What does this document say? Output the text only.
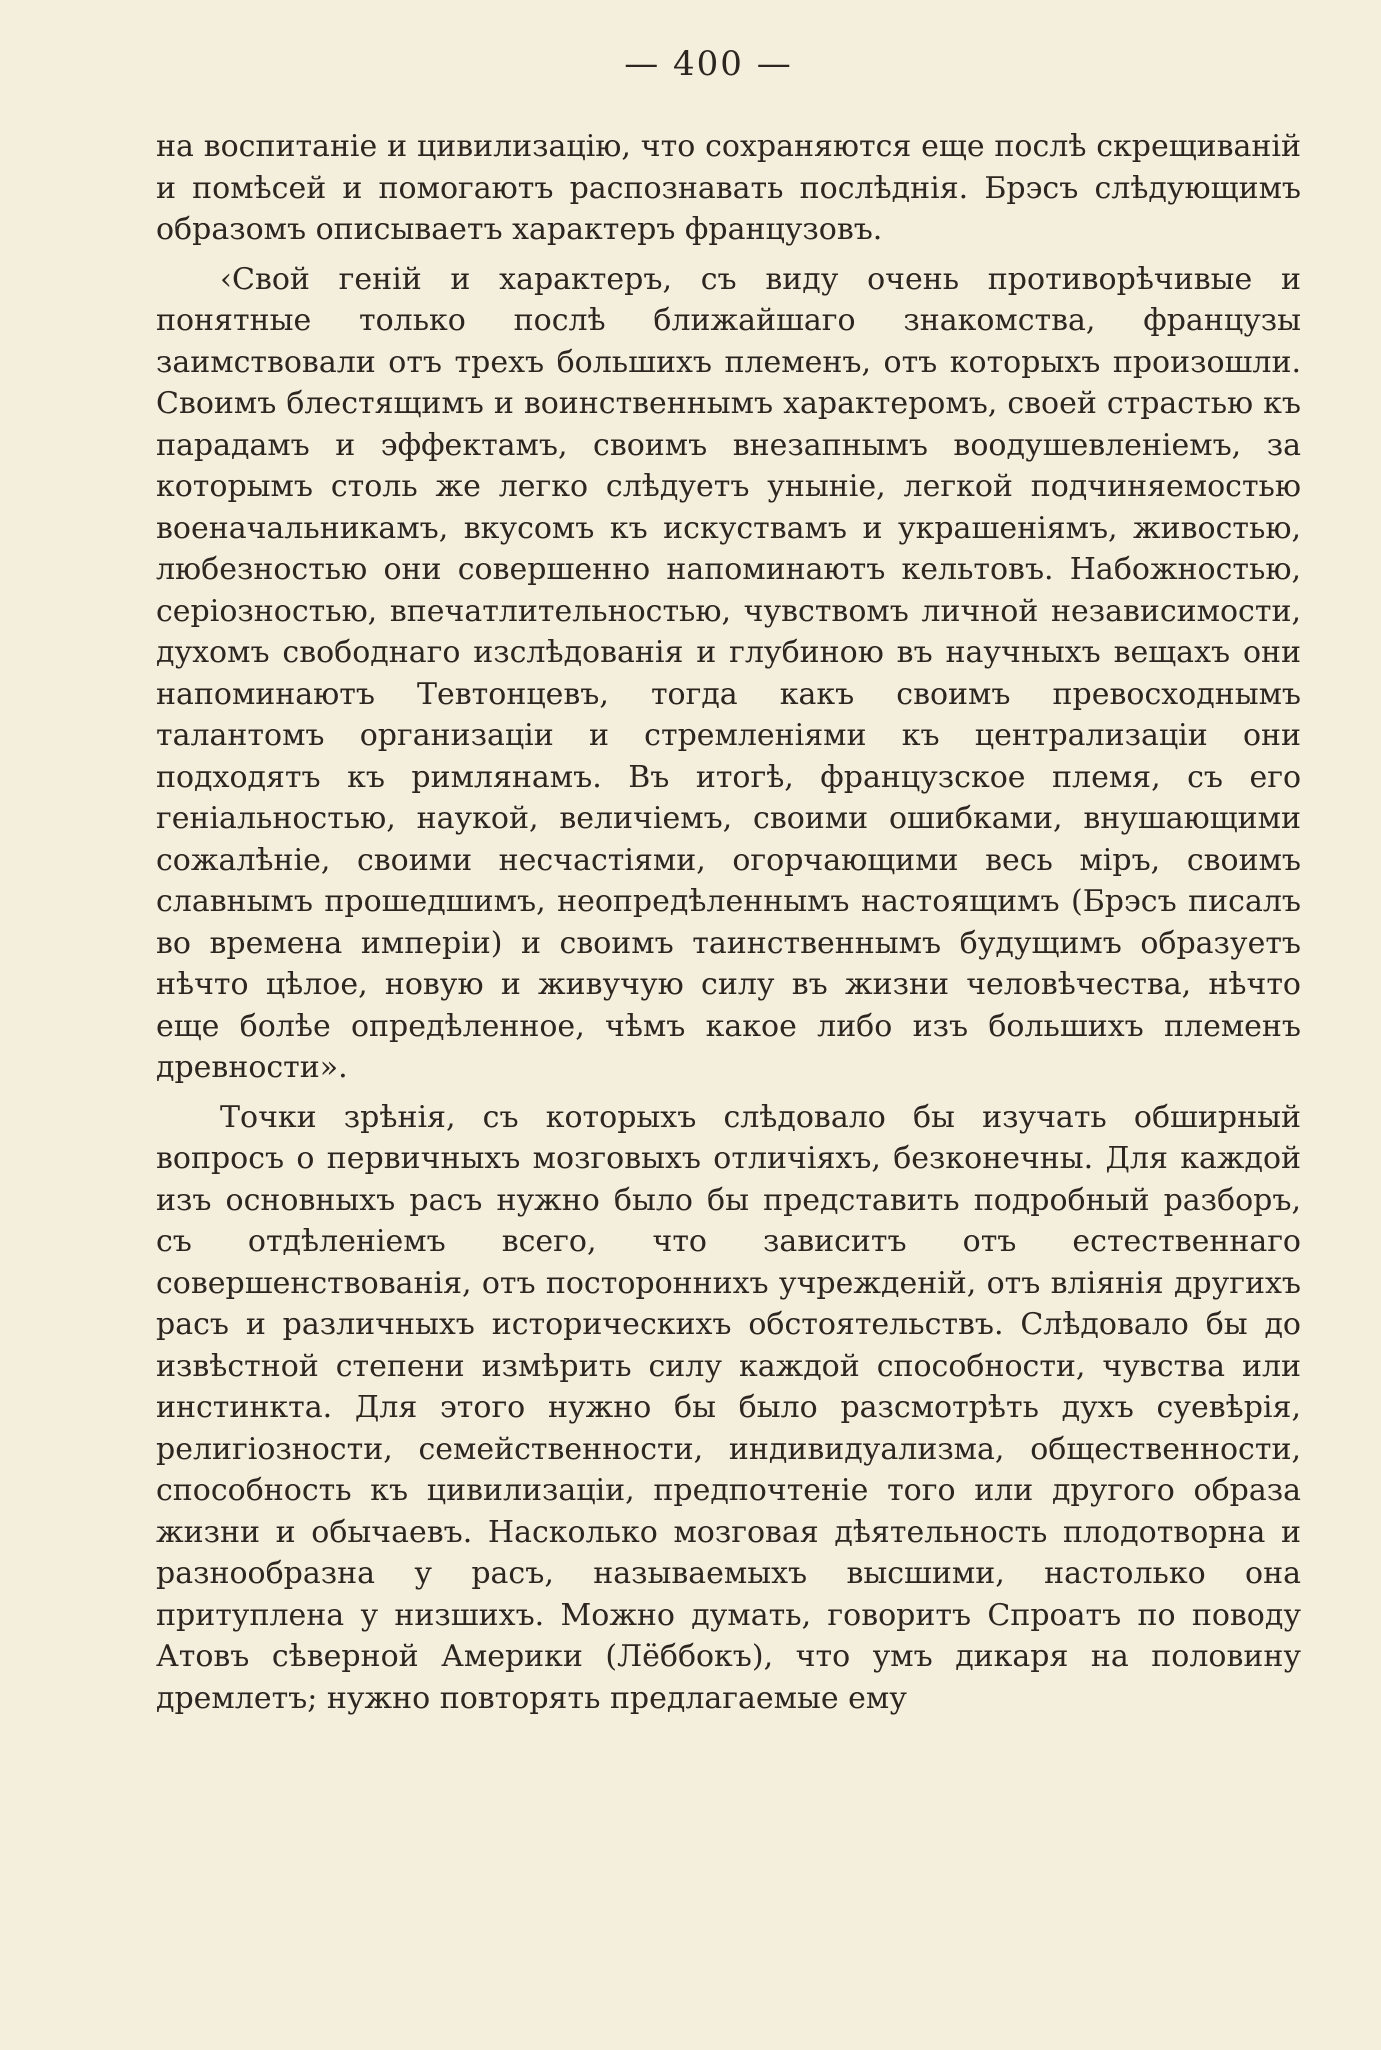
— 400 —

на воспитаніе и цивилизацію, что сохраняются еще послѣ скрещиваній и помѣсей и помогаютъ распознавать послѣднія. Брэсъ слѣдующимъ образомъ описываетъ характеръ французовъ.

‹Свой геній и характеръ, съ виду очень противорѣчивые и понятные только послѣ ближайшаго знакомства, французы заимствовали отъ трехъ большихъ племенъ, отъ которыхъ произошли. Своимъ блестящимъ и воинственнымъ характеромъ, своей страстью къ парадамъ и эффектамъ, своимъ внезапнымъ воодушевленіемъ, за которымъ столь же легко слѣдуетъ уныніе, легкой подчиняемостью военачальникамъ, вкусомъ къ искуствамъ и украшеніямъ, живостью, любезностью они совершенно напоминаютъ кельтовъ. Набожностью, серіозностью, впечатлительностью, чувствомъ личной независимости, духомъ свободнаго изслѣдованія и глубиною въ научныхъ вещахъ они напоминаютъ Тевтонцевъ, тогда какъ своимъ превосходнымъ талантомъ организаціи и стремленіями къ централизаціи они подходятъ къ римлянамъ. Въ итогѣ, французское племя, съ его геніальностью, наукой, величіемъ, своими ошибками, внушающими сожалѣніе, своими несчастіями, огорчающими весь міръ, своимъ славнымъ прошедшимъ, неопредѣленнымъ настоящимъ (Брэсъ писалъ во времена имперіи) и своимъ таинственнымъ будущимъ образуетъ нѣчто цѣлое, новую и живучую силу въ жизни человѣчества, нѣчто еще болѣе опредѣленное, чѣмъ какое либо изъ большихъ племенъ древности».

Точки зрѣнія, съ которыхъ слѣдовало бы изучать обширный вопросъ о первичныхъ мозговыхъ отличіяхъ, безконечны. Для каждой изъ основныхъ расъ нужно было бы представить подробный разборъ, съ отдѣленіемъ всего, что зависитъ отъ естественнаго совершенствованія, отъ постороннихъ учрежденій, отъ вліянія другихъ расъ и различныхъ историческихъ обстоятельствъ. Слѣдовало бы до извѣстной степени измѣрить силу каждой способности, чувства или инстинкта. Для этого нужно бы было разсмотрѣть духъ суевѣрія, религіозности, семейственности, индивидуализма, общественности, способность къ цивилизаціи, предпочтеніе того или другого образа жизни и обычаевъ. Насколько мозговая дѣятельность плодотворна и разнообразна у расъ, называемыхъ высшими, настолько она притуплена у низшихъ. Можно думать, говоритъ Спроатъ по поводу Атовъ сѣверной Америки (Лёббокъ), что умъ дикаря на половину дремлетъ; нужно повторять предлагаемые ему
